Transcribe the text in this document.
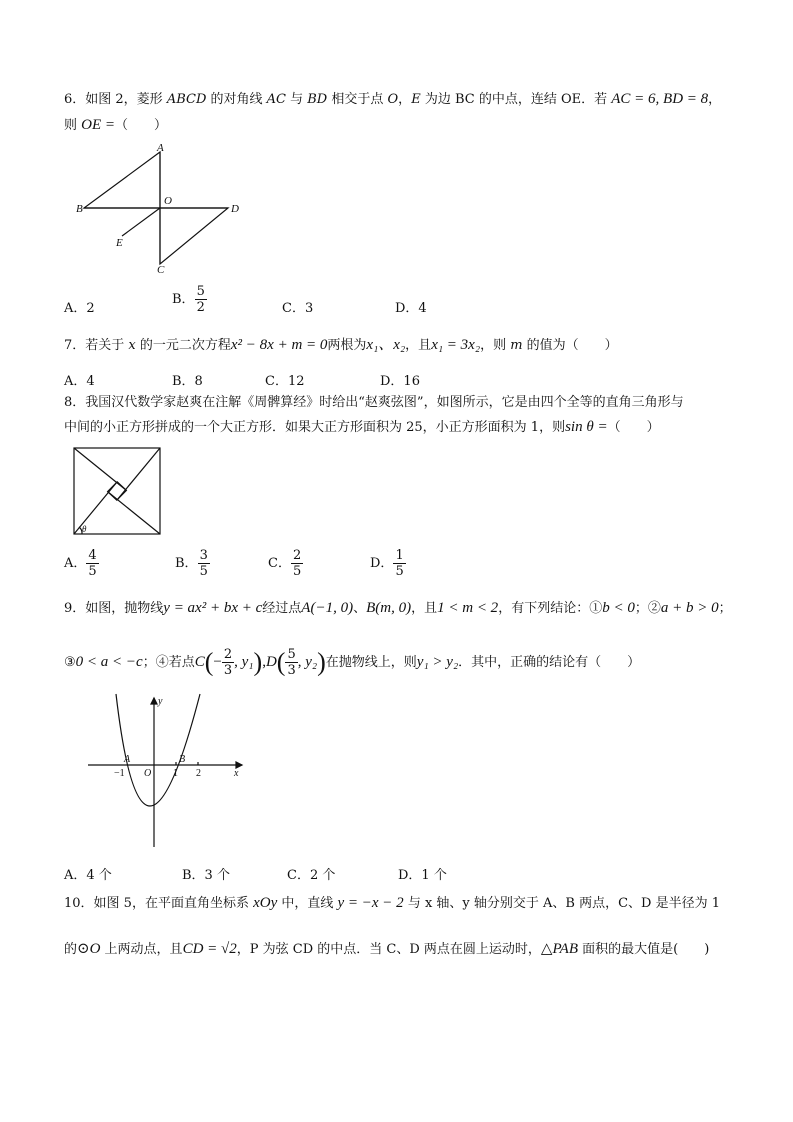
6．如图 2，菱形 ABCD 的对角线 AC 与 BD 相交于点 O，E 为边 BC 的中点，连结 OE．若 AC = 6, BD = 8，
则 OE =（　　）
A
B	D
C
O
E
A．2
B． $\frac{5}{2}$	C．3	D．4
7．若关于 x 的一元二次方程x² − 8x + m = 0两根为x₁、x₂，且x₁ = 3x₂，则 m 的值为（　　）
A．4	B．8	C．12	D．16
8．我国汉代数学家赵爽在注解《周髀算经》时给出“赵爽弦图”，如图所示，它是由四个全等的直角三角形与
中间的小正方形拼成的一个大正方形．如果大正方形面积为 25，小正方形面积为 1，则sin θ =（　　）
θ
A． $\frac{4}{5}$	B． $\frac{3}{5}$	C． $\frac{2}{5}$	D． $\frac{1}{5}$
9．如图，抛物线y = ax² + bx + c经过点A(−1, 0)、B(m, 0)，且1 < m < 2，有下列结论：①b < 0；②a + b > 0；
③0 < a < −c；④若点$C(- \frac{2}{3}$ , $y_1),D( \frac{5}{3}$ , y₂)在抛物线上，则y₁ > y₂．其中，正确的结论有（　　）
y
x
O
A	B
−1	1 2
A．4 个	B．3 个	C．2 个	D．1 个
10．如图 5，在平面直角坐标系 xOy 中，直线 y = −x − 2 与 x 轴、y 轴分别交于 A、B 两点，C、D 是半径为 1
的⊙O 上两动点，且CD = √2，P 为弦 CD 的中点．当 C、D 两点在圆上运动时，△PAB 面积的最大值是(　　)
